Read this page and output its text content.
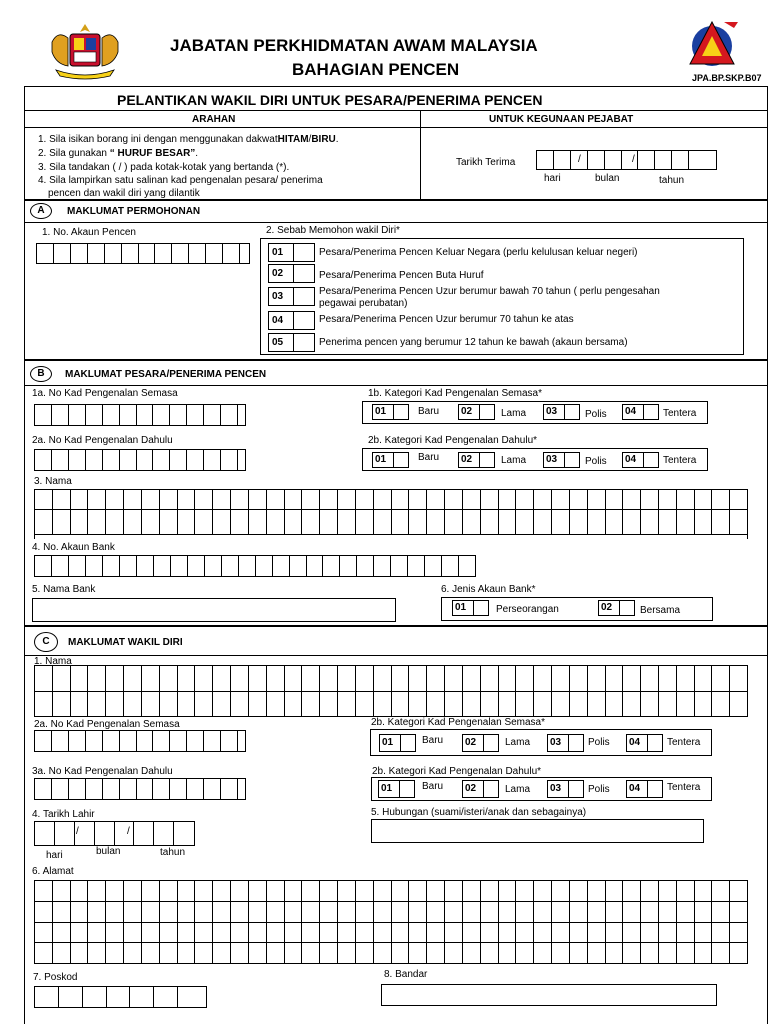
JABATAN PERKHIDMATAN AWAM MALAYSIA
BAHAGIAN PENCEN	JPA.BP.SKP.B07
PELANTIKAN WAKIL DIRI UNTUK PESARA/PENERIMA PENCEN
ARAHAN	UNTUK KEGUNAAN PEJABAT
1. Sila isikan borang ini dengan menggunakan dakwatHITAM/BIRU.
2. Sila gunakan “ HURUF BESAR”.
3. Sila tandakan ( / ) pada kotak-kotak yang bertanda (*).
4. Sila lampirkan satu salinan kad pengenalan pesara/ penerima
pencen dan wakil diri yang dilantik
Tarikh Terima	/	/
hari	bulan	tahun
A	MAKLUMAT PERMOHONAN
1. No. Akaun Pencen	2. Sebab Memohon wakil Diri*
01	Pesara/Penerima Pencen Keluar Negara (perlu kelulusan keluar negeri)
02	Pesara/Penerima Pencen Buta Huruf
03	Pesara/Penerima Pencen Uzur berumur bawah 70 tahun ( perlu pengesahan
pegawai perubatan)
04	Pesara/Penerima Pencen Uzur berumur 70 tahun ke atas
05	Penerima pencen yang berumur 12 tahun ke bawah (akaun bersama)
B	MAKLUMAT PESARA/PENERIMA PENCEN
1a. No Kad Pengenalan Semasa	1b. Kategori Kad Pengenalan Semasa*
01	Baru	02	Lama	03	Polis	04	Tentera
2a. No Kad Pengenalan Dahulu	2b. Kategori Kad Pengenalan Dahulu*
01	Baru	02	Lama	03	Polis	04	Tentera
3. Nama
4. No. Akaun Bank
5. Nama Bank	6. Jenis Akaun Bank*
01	Perseorangan	02	Bersama
C	MAKLUMAT WAKIL DIRI
1. Nama
2a. No Kad Pengenalan Semasa	2b. Kategori Kad Pengenalan Semasa*
01	Baru	02	Lama	03	Polis	04	Tentera
3a. No Kad Pengenalan Dahulu	2b. Kategori Kad Pengenalan Dahulu*
01	Baru	02	Lama	03	Polis	04	Tentera
4. Tarikh Lahir
/	/
hari	bulan	tahun
5. Hubungan (suami/isteri/anak dan sebagainya)
6. Alamat
7. Poskod	8. Bandar
